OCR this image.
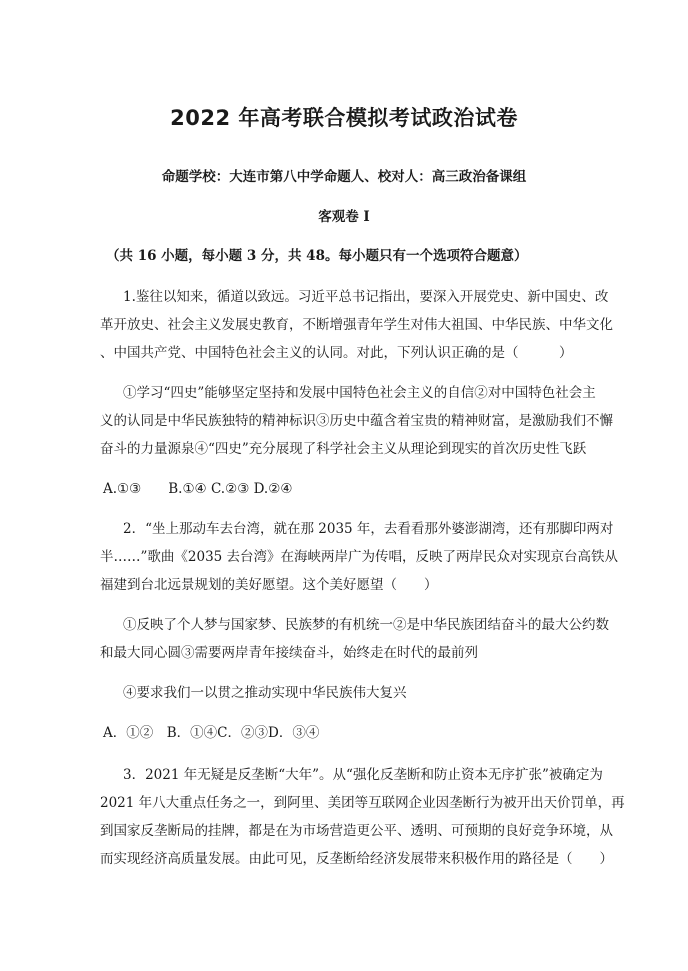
2022 年高考联合模拟考试政治试卷
命题学校：大连市第八中学命题人、校对人：高三政治备课组
客观卷 I
（共 16 小题，每小题 3 分，共 48。每小题只有一个选项符合题意）
1.鉴往以知来，循道以致远。习近平总书记指出，要深入开展党史、新中国史、改
革开放史、社会主义发展史教育，不断增强青年学生对伟大祖国、中华民族、中华文化
、中国共产党、中国特色社会主义的认同。对此，下列认识正确的是（　　　）
①学习“四史”能够坚定坚持和发展中国特色社会主义的自信②对中国特色社会主
义的认同是中华民族独特的精神标识③历史中蕴含着宝贵的精神财富，是激励我们不懈
奋斗的力量源泉④“四史”充分展现了科学社会主义从理论到现实的首次历史性飞跃
A.①③　　B.①④ C.②③ D.②④
2．“坐上那动车去台湾，就在那 2035 年，去看看那外婆澎湖湾，还有那脚印两对
半……”歌曲《2035 去台湾》在海峡两岸广为传唱，反映了两岸民众对实现京台高铁从
福建到台北远景规划的美好愿望。这个美好愿望（　　）
①反映了个人梦与国家梦、民族梦的有机统一②是中华民族团结奋斗的最大公约数
和最大同心圆③需要两岸青年接续奋斗，始终走在时代的最前列
④要求我们一以贯之推动实现中华民族伟大复兴
A．①②　B．①④C．②③D．③④
3．2021 年无疑是反垄断“大年”。从“强化反垄断和防止资本无序扩张”被确定为
2021 年八大重点任务之一，到阿里、美团等互联网企业因垄断行为被开出天价罚单，再
到国家反垄断局的挂牌，都是在为市场营造更公平、透明、可预期的良好竞争环境，从
而实现经济高质量发展。由此可见，反垄断给经济发展带来积极作用的路径是（　　）
